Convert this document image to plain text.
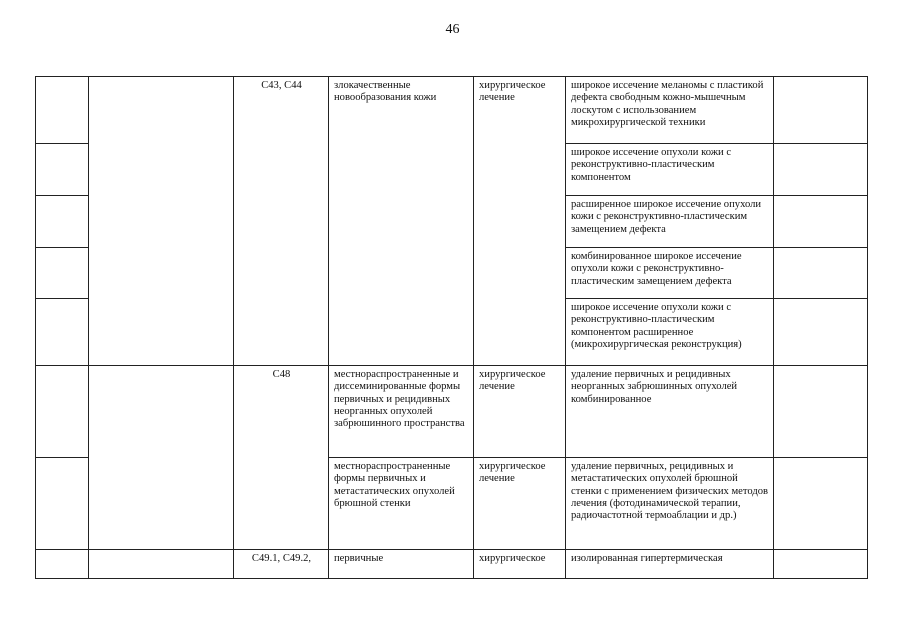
46
		C43, C44	злокачественные новообразования кожи	хирургическое лечение	широкое иссечение меланомы с пластикой дефекта свободным кожно-мышечным лоскутом с использованием микрохирургической техники	
					широкое иссечение опухоли кожи с реконструктивно-пластическим компонентом	
					расширенное широкое иссечение опухоли кожи с реконструктивно-пластическим замещением дефекта	
					комбинированное широкое иссечение опухоли кожи с реконструктивно-пластическим замещением дефекта	
					широкое иссечение опухоли кожи с реконструктивно-пластическим компонентом расширенное (микрохирургическая реконструкция)	
		C48	местнораспространенные и диссеминированные формы первичных и рецидивных неорганных опухолей забрюшинного пространства	хирургическое лечение	удаление первичных и рецидивных неорганных забрюшинных опухолей комбинированное	
			местнораспространенные формы первичных и метастатических опухолей брюшной стенки	хирургическое лечение	удаление первичных, рецидивных и метастатических опухолей брюшной стенки с применением физических методов лечения (фотодинамической терапии, радиочастотной термоаблации и др.)	
		C49.1, C49.2,	первичные	хирургическое	изолированная гипертермическая	
